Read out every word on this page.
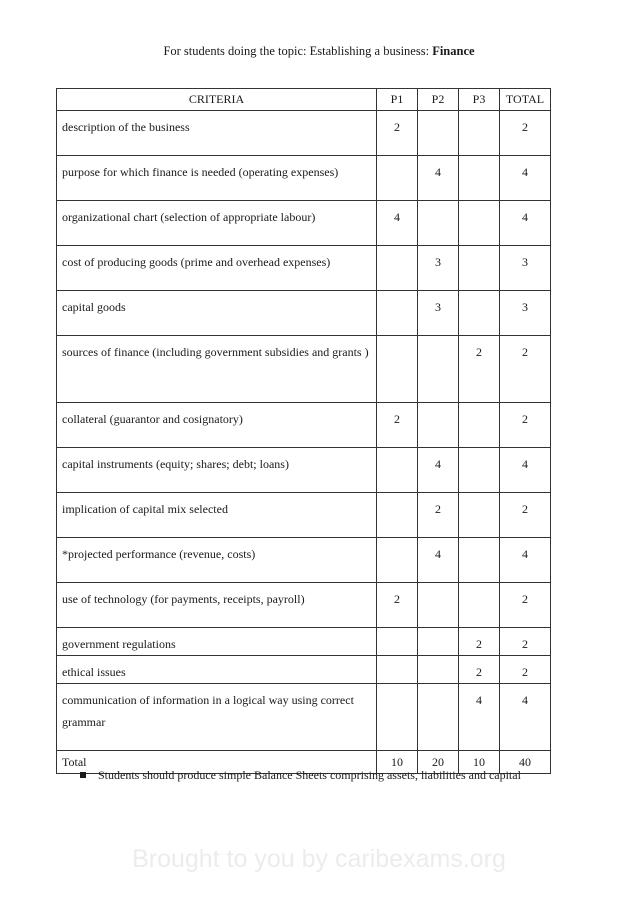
For students doing the topic: Establishing a business: Finance
CRITERIA	P1	P2	P3	TOTAL
description of the business	2			2
purpose for which finance is needed (operating expenses)		4		4
organizational chart (selection of appropriate labour)	4			4
cost of producing goods (prime and overhead expenses)		3		3
capital goods		3		3
sources of finance (including government subsidies and grants )			2	2
collateral (guarantor and cosignatory)	2			2
capital instruments (equity; shares; debt; loans)		4		4
implication of capital mix selected		2		2
*projected performance (revenue, costs)		4		4
use of technology (for payments, receipts, payroll)	2			2
government regulations			2	2
ethical issues			2	2
communication of information in a logical way using correct grammar			4	4
Total	10	20	10	40
Students should produce simple Balance Sheets comprising assets, liabilities and capital
Brought to you by caribexams.org
